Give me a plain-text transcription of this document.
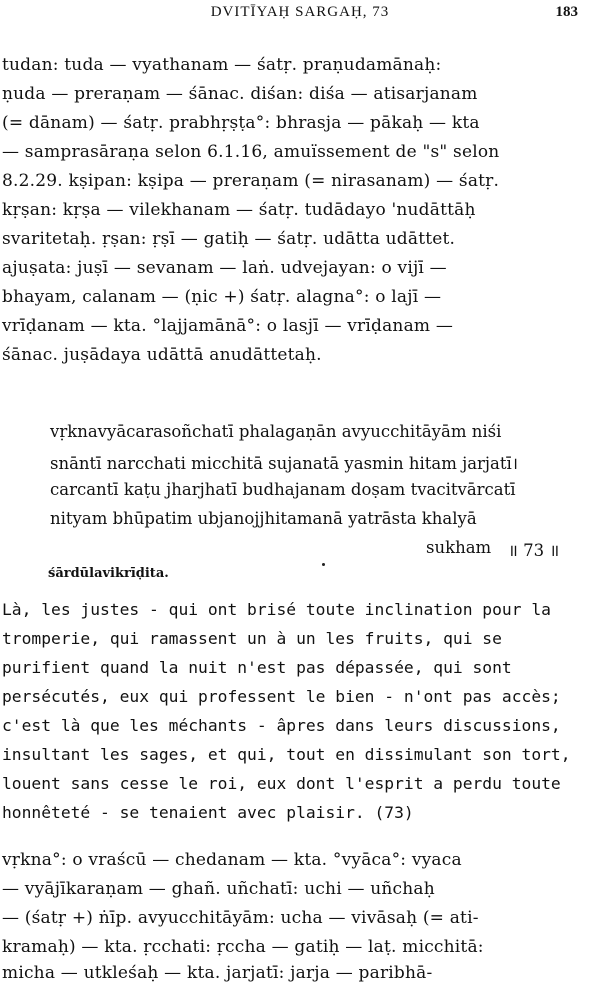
DVITĪYAḤ SARGAḤ, 73	183
tudan: tuda — vyathanam — śatṛ. praṇudamānaḥ:
ṇuda — preraṇam — śānac. diśan: diśa — atisarjanam
(= dānam) — śatṛ. prabhṛṣṭa°: bhrasja — pākaḥ — kta
— samprasāraṇa selon 6.1.16, amuïssement de "s" selon
8.2.29. kṣipan: kṣipa — preraṇam (= nirasanam) — śatṛ.
kṛṣan: kṛṣa — vilekhanam — śatṛ. tudādayo 'nudāttāḥ
svaritetaḥ. ṛṣan: ṛṣī — gatiḥ — śatṛ. udātta udāttet.
ajuṣata: juṣī — sevanam — laṅ. udvejayan: o vijī —
bhayam, calanam — (ṇic +) śatṛ. alagna°: o lajī —
vrīḍanam — kta. °lajjamānā°: o lasjī — vrīḍanam —
śānac. juṣādaya udāttā anudāttetaḥ.
vṛknavyācarasoñchatī phalagaṇān avyucchitāyām niśi
snāntī narcchati micchitā sujanatā yasmin hitam jarjatī।
carcantī kaṭu jharjhatī budhajanam doṣam tvacitvārcatī
nityam bhūpatim ubjanojjhitamanā yatrāsta khalyā
sukham ॥ 73 ॥
śārdūlavikrīḍita.
Là, les justes - qui ont brisé toute inclination pour la
tromperie, qui ramassent un à un les fruits, qui se
purifient quand la nuit n'est pas dépassée, qui sont
persécutés, eux qui professent le bien - n'ont pas accès;
c'est là que les méchants - âpres dans leurs discussions,
insultant les sages, et qui, tout en dissimulant son tort,
louent sans cesse le roi, eux dont l'esprit a perdu toute
honnêteté - se tenaient avec plaisir. (73)
vṛkna°: o vraścū — chedanam — kta. °vyāca°: vyaca
— vyājīkaraṇam — ghañ. uñchatī: uchi — uñchaḥ
— (śatṛ +) ṅīp. avyucchitāyām: ucha — vivāsaḥ (= ati-
kramaḥ) — kta. ṛcchati: ṛccha — gatiḥ — laṭ. micchitā:
micha — utkleśaḥ — kta. jarjatī: jarja — paribhā-
